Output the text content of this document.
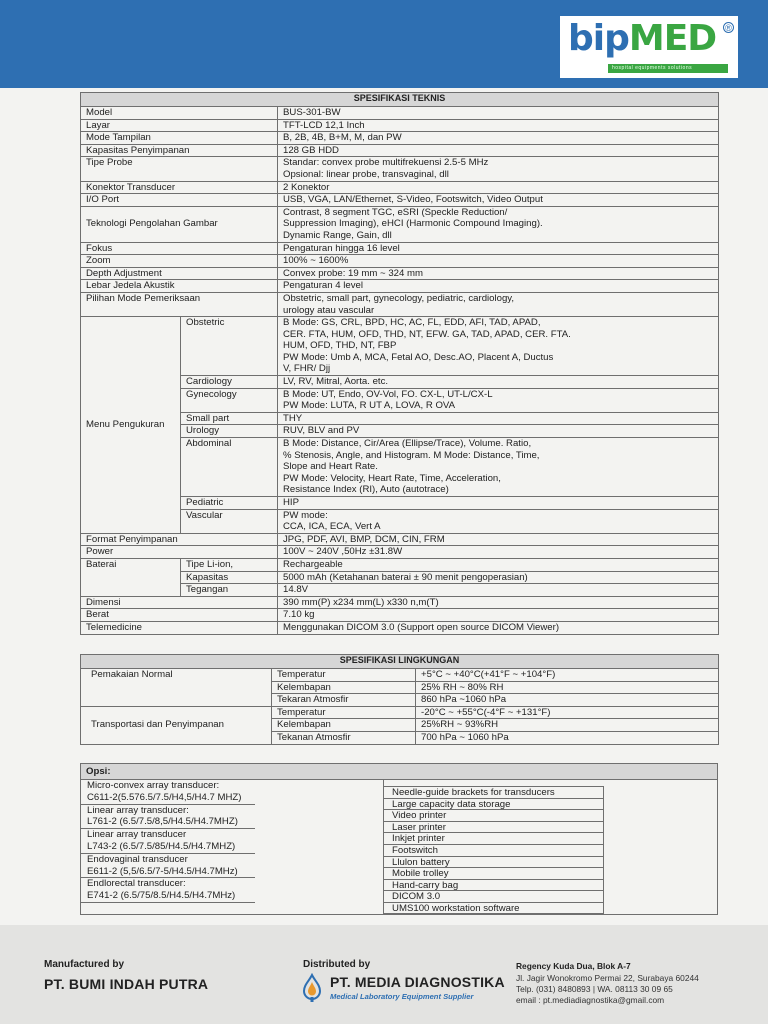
bipMED ®
hospital equipments solutions
SPESIFIKASI TEKNIS		
Model		BUS-301-BW
Layar		TFT-LCD 12,1 Inch
Mode Tampilan		B, 2B, 4B, B+M, M, dan PW
Kapasitas Penyimpanan		128 GB HDD
Tipe Probe		Standar: convex probe multifrekuensi 2.5-5 MHz
Opsional: linear probe, transvaginal, dll

Konektor Transducer		2 Konektor
I/O Port		USB, VGA, LAN/Ethernet, S-Video, Footswitch, Video Output
Teknologi Pengolahan Gambar		Contrast, 8 segment TGC, eSRI (Speckle Reduction/
Suppression Imaging), eHCI (Harmonic Compound Imaging).
Dynamic Range, Gain, dll

Fokus		Pengaturan hingga 16 level
Zoom		100% ~ 1600%
Depth Adjustment		Convex probe: 19 mm ~ 324 mm
Lebar Jedela Akustik		Pengaturan 4 level
Pilihan Mode Pemeriksaan		Obstetric, small part, gynecology, pediatric, cardiology,
urology atau vascular

Menu Pengukuran	Obstetric	B Mode: GS, CRL, BPD, HC, AC, FL, EDD, AFI, TAD, APAD,
CER. FTA, HUM, OFD, THD, NT, EFW. GA, TAD, APAD, CER. FTA.
HUM, OFD, THD, NT, FBP
PW Mode: Umb A, MCA, Fetal AO, Desc.AO, Placent A, Ductus
V, FHR/ Djj

	Cardiology	LV, RV, Mitral, Aorta. etc.
	Gynecology	B Mode: UT, Endo, OV-Vol, FO. CX-L, UT-L/CX-L
PW Mode: LUTA, R UT A, LOVA, R OVA

	Small part	THY
	Urology	RUV, BLV and PV
	Abdominal	B Mode: Distance, Cir/Area (Ellipse/Trace), Volume. Ratio,
% Stenosis, Angle, and Histogram. M Mode: Distance, Time,
Slope and Heart Rate.
PW Mode: Velocity, Heart Rate, Time, Acceleration,
Resistance Index (RI), Auto (autotrace)

	Pediatric	HIP
	Vascular	PW mode:
CCA, ICA, ECA, Vert A

Format Penyimpanan		JPG, PDF, AVI, BMP, DCM, CIN, FRM
Power		100V ~ 240V ,50Hz ±31.8W
Baterai	Tipe Li-ion,	Rechargeable
	Kapasitas	5000 mAh (Ketahanan baterai ± 90 menit pengoperasian)
	Tegangan	14.8V
Dimensi		390 mm(P) x234 mm(L) x330 n,m(T)
Berat		7.10 kg
Telemedicine		Menggunakan DICOM 3.0 (Support open source DICOM Viewer)
SPESIFIKASI LINGKUNGAN		
Pemakaian Normal	Temperatur	+5°C ~ +40°C(+41°F ~ +104°F)
	Kelembapan	25% RH ~ 80% RH
	Tekaran Atmosfir	860 hPa ~1060 hPa
Transportasi dan Penyimpanan	Temperatur	-20°C ~ +55°C(-4°F ~ +131°F)
	Kelembapan	25%RH ~ 93%RH
	Tekanan Atmosfir	700 hPa ~ 1060 hPa
Opsi:

Micro-convex array transducer:
C611-2(5.576.5/7.5/H4,5/H4.7 MHZ)
Linear array transducer:
L761-2 (6.5/7.5/8,5/H4.5/H4.7MHZ)
Linear array transducer
L743-2 (6.5/7.5/85/H4.5/H4.7MHZ)
Endovaginal transducer
E611-2 (5,5/6.5/7-5/H4.5/H4.7MHz)
Endlorectal transducer:
E741-2 (6.5/75/8.5/H4.5/H4.7MHz)
Needle-guide brackets for transducers
Large capacity data storage
Video printer
Laser printer
Inkjet printer
Footswitch
Llulon battery
Mobile trolley
Hand-carry bag
DICOM 3.0
UMS100 workstation software
Manufactured by
PT. BUMI INDAH PUTRA
Distributed by
PT. MEDIA DIAGNOSTIKA
Medical Laboratory Equipment Supplier
Regency Kuda Dua, Blok A-7
Jl. Jagir Wonokromo Permai 22, Surabaya 60244
Telp. (031) 8480893 | WA. 08113 30 09 65
email : pt.mediadiagnostika@gmail.com
